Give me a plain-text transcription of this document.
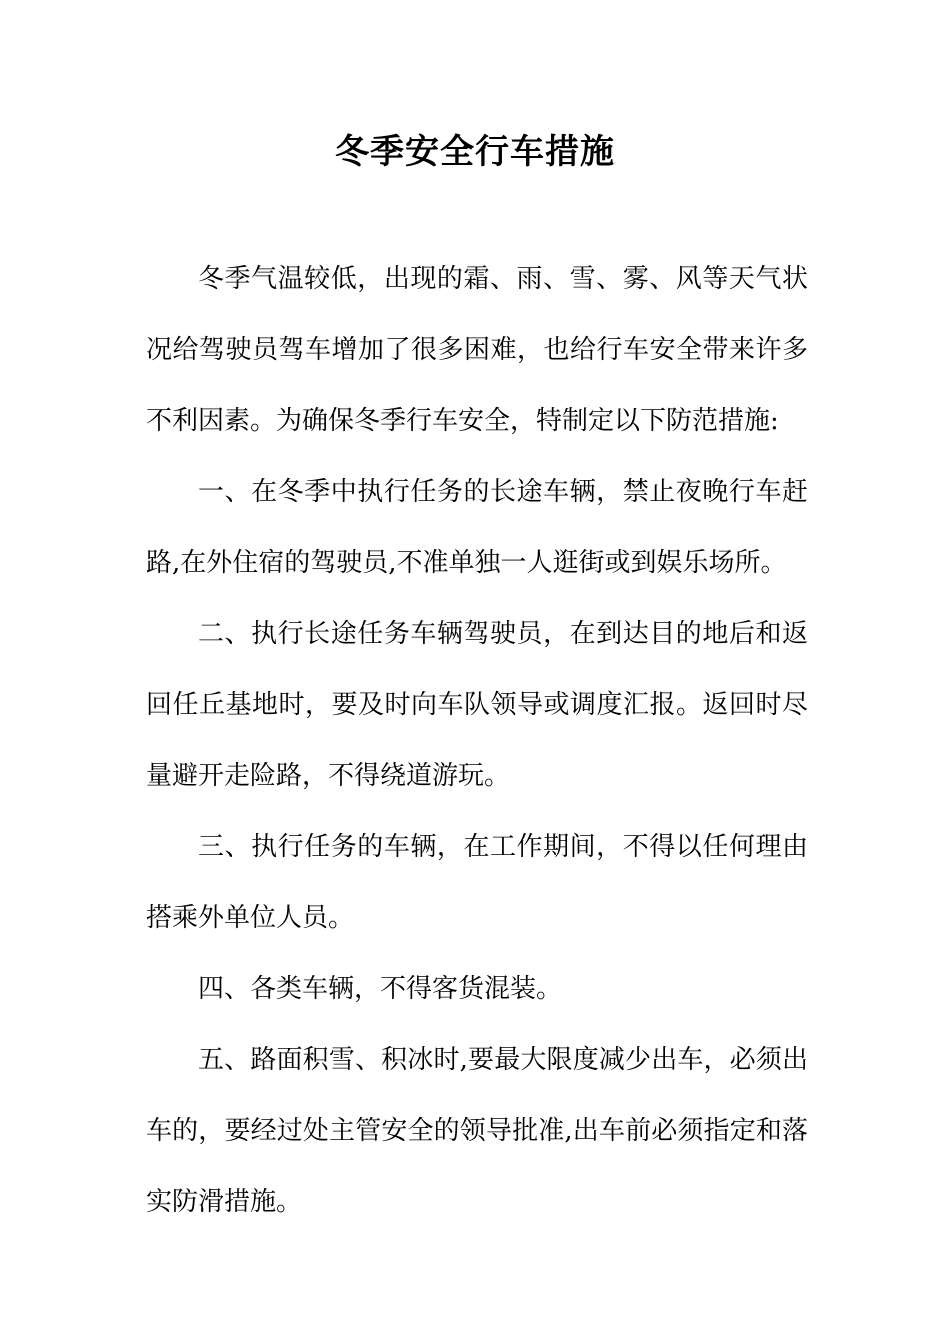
冬季安全行车措施

冬季气温较低，出现的霜、雨、雪、雾、风等天气状况给驾驶员驾车增加了很多困难，也给行车安全带来许多不利因素。为确保冬季行车安全，特制定以下防范措施:

一、在冬季中执行任务的长途车辆，禁止夜晚行车赶路,在外住宿的驾驶员,不准单独一人逛街或到娱乐场所。

二、执行长途任务车辆驾驶员，在到达目的地后和返回任丘基地时，要及时向车队领导或调度汇报。返回时尽量避开走险路，不得绕道游玩。

三、执行任务的车辆，在工作期间，不得以任何理由搭乘外单位人员。

四、各类车辆，不得客货混装。

五、路面积雪、积冰时,要最大限度减少出车，必须出车的，要经过处主管安全的领导批准,出车前必须指定和落实防滑措施。
